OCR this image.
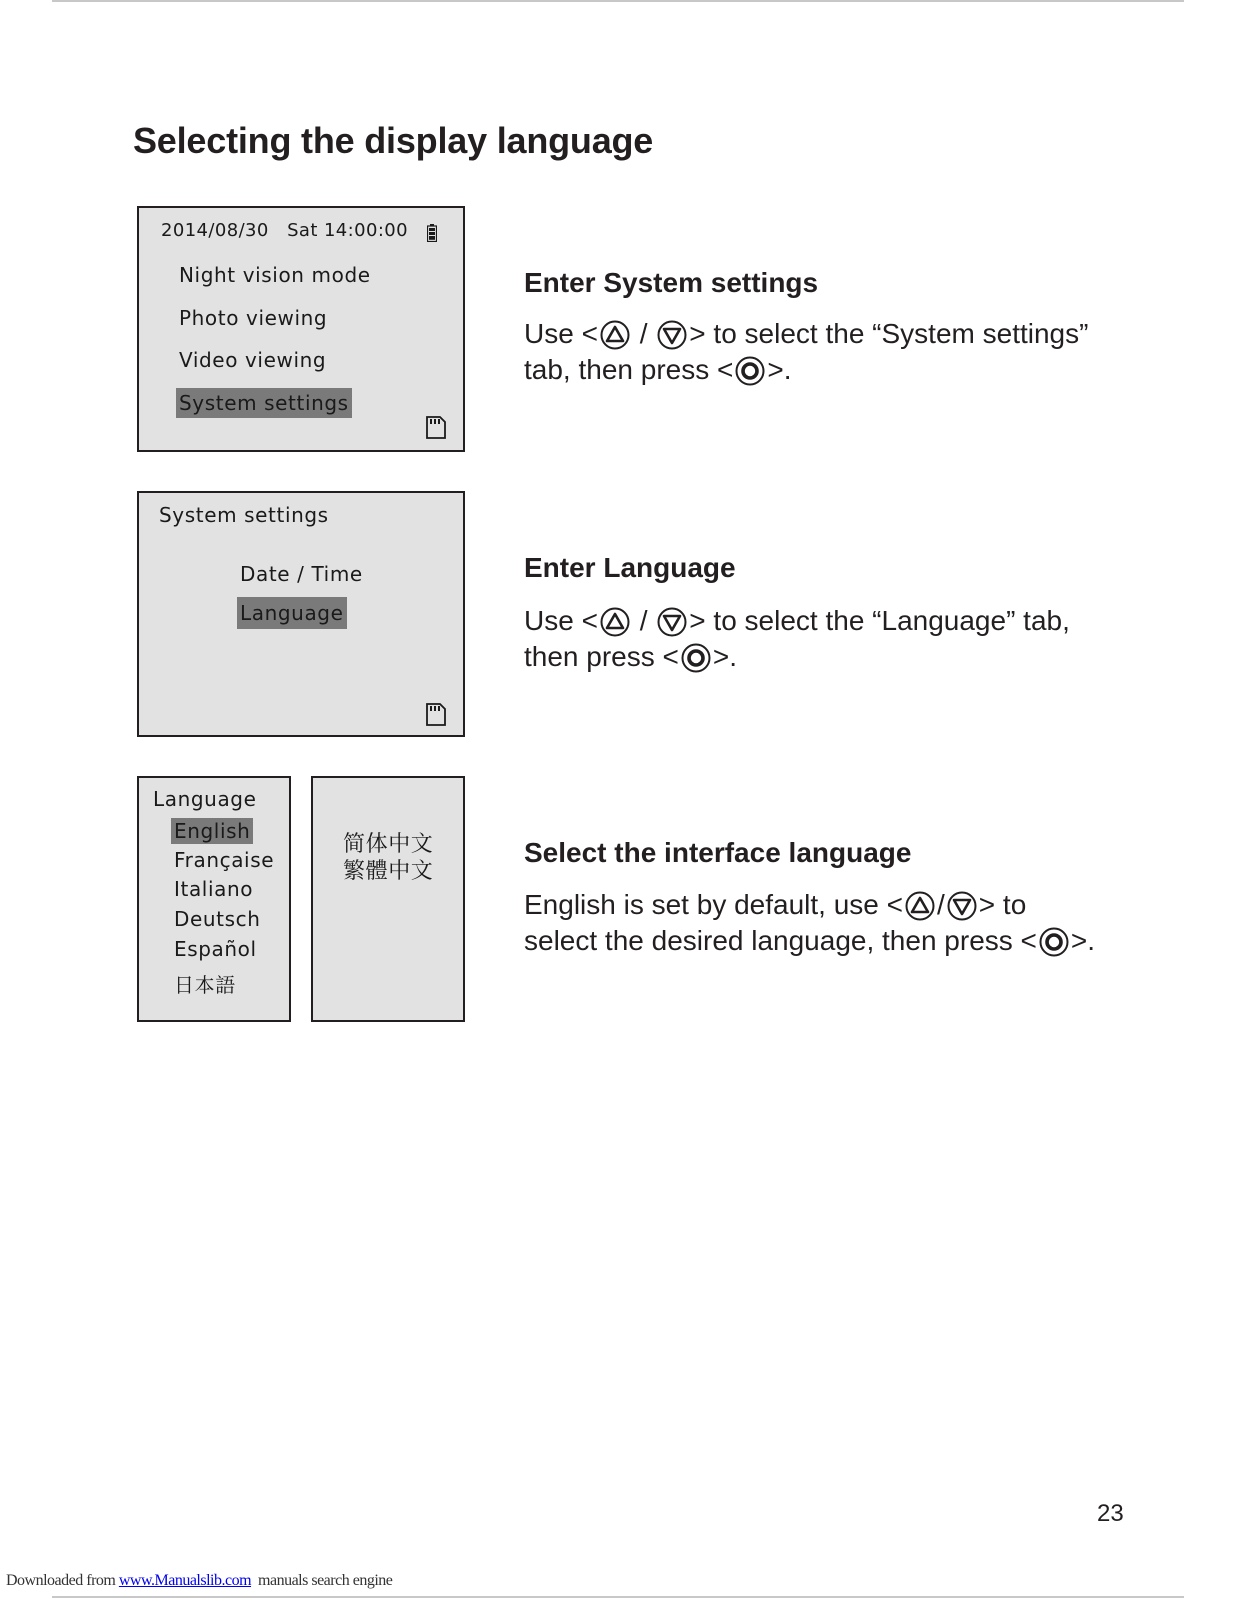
Selecting the display language
2014/08/30   Sat 14:00:00
Night vision mode
Photo viewing
Video viewing
System settings
System settings
Date / Time
Language
Language
English
Française
Italiano
Deutsch
Español
日本語
简体中文
繁體中文
Enter System settings

Use < / > to select the “System settings”
tab, then press < >.

Enter Language

Use < / > to select the “Language” tab,
then press < >.

Select the interface language

English is set by default, use < / > to
select the desired language, then press < >.

23
Downloaded from www.Manualslib.com  manuals search engine
